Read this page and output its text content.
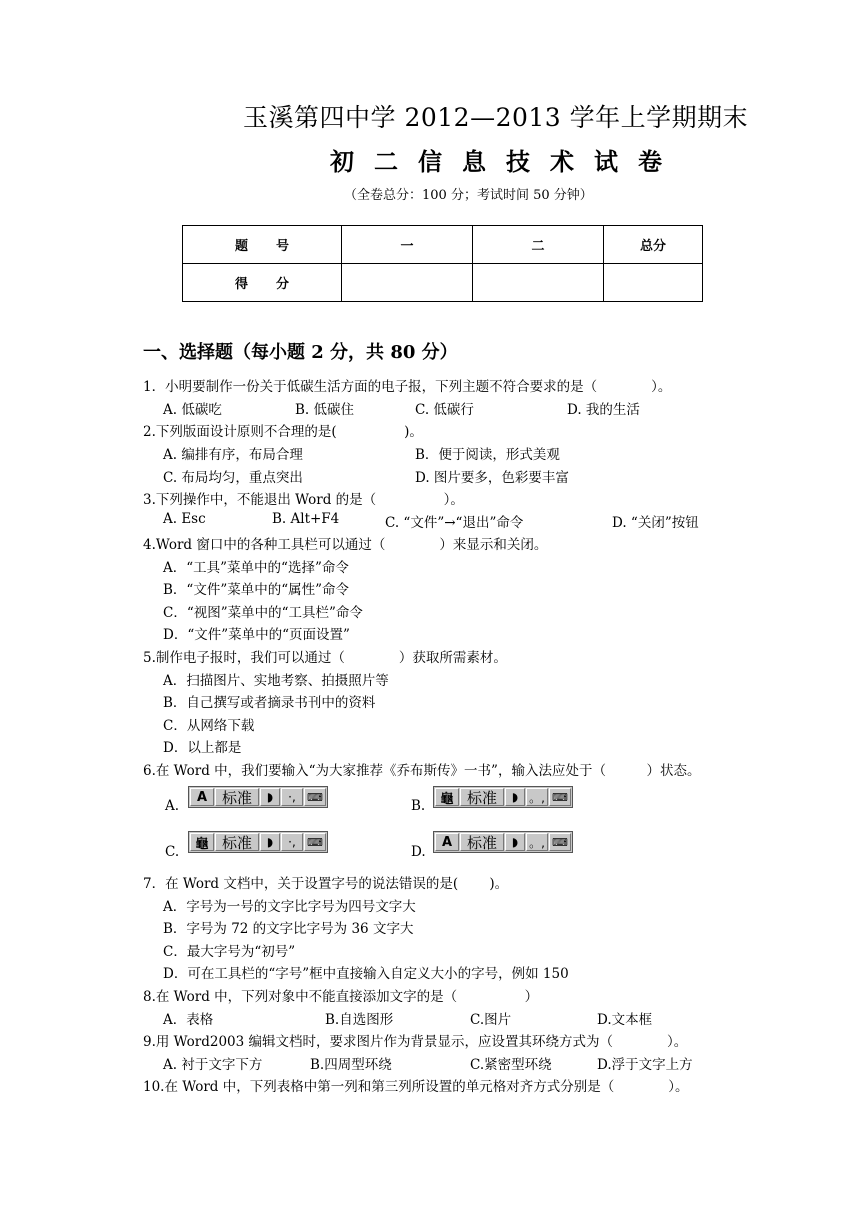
玉溪第四中学 2012—2013 学年上学期期末
初二信息技术试卷
（全卷总分：100 分；考试时间 50 分钟）
题号	一	二	总分
得分			
一、选择题（每小题 2 分，共 80 分）
1．小明要制作一份关于低碳生活方面的电子报，下列主题不符合要求的是（　　　　）。
A. 低碳吃	B. 低碳住	C. 低碳行	D. 我的生活
2.下列版面设计原则不合理的是(　　　　　)。
A. 编排有序，布局合理	B．便于阅读，形式美观
C. 布局均匀，重点突出	D. 图片要多，色彩要丰富
3.下列操作中，不能退出 Word 的是（　　　　　）。
A. Esc	B. Alt+F4	C. “文件”→“退出”命令	D. “关闭”按钮
4.Word 窗口中的各种工具栏可以通过（　　　　）来显示和关闭。
A．“工具”菜单中的“选择”命令
B．“文件”菜单中的“属性”命令
C．“视图”菜单中的“工具栏”命令
D．“文件”菜单中的“页面设置”
5.制作电子报时，我们可以通过（　　　　）获取所需素材。
A．扫描图片、实地考察、拍摄照片等
B．自己撰写或者摘录书刊中的资料
C．从网络下载
D．以上都是
6.在 Word 中，我们要输入“为大家推荐《乔布斯传》一书”，输入法应处于（　　　）状态。
A.
A 标准	◗	·,	⌨
B.	龜 标准	◗ 。, ⌨
C.	龜 标准	◗	·,	⌨
D.
A 标准	◗ 。, ⌨
7．在 Word 文档中，关于设置字号的说法错误的是(　　 )。
A．字号为一号的文字比字号为四号文字大
B．字号为 72 的文字比字号为 36 文字大
C．最大字号为“初号”
D．可在工具栏的“字号”框中直接输入自定义大小的字号，例如 150
8.在 Word 中，下列对象中不能直接添加文字的是（　　　　　）
A．表格	B.自选图形	C.图片	D.文本框
9.用 Word2003 编辑文档时，要求图片作为背景显示，应设置其环绕方式为（　　　　）。
A. 衬于文字下方	B.四周型环绕	C.紧密型环绕	D.浮于文字上方
10.在 Word 中，下列表格中第一列和第三列所设置的单元格对齐方式分别是（　　　　）。
